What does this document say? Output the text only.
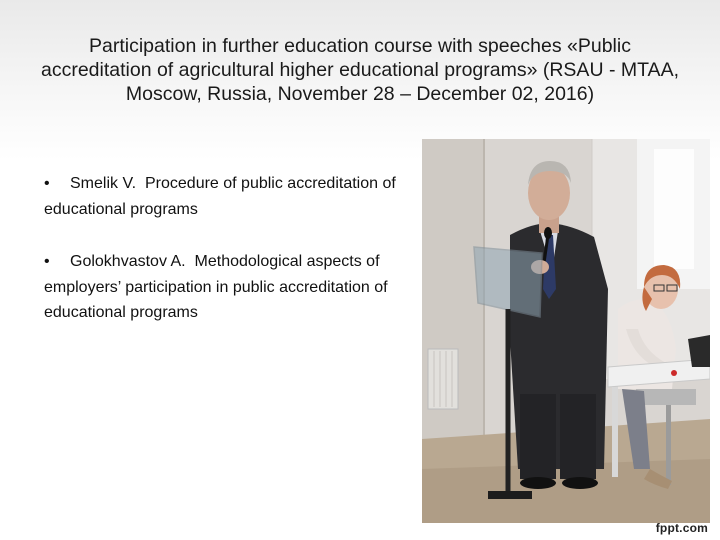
Participation in further education course with speeches «Public accreditation of agricultural higher educational programs» (RSAU - MTAA, Moscow, Russia, November 28 – December 02, 2016)
• Smelik V. Procedure of public accreditation of educational programs
• Golokhvastov A. Methodological aspects of employers’ participation in public accreditation of educational programs
fppt.com
